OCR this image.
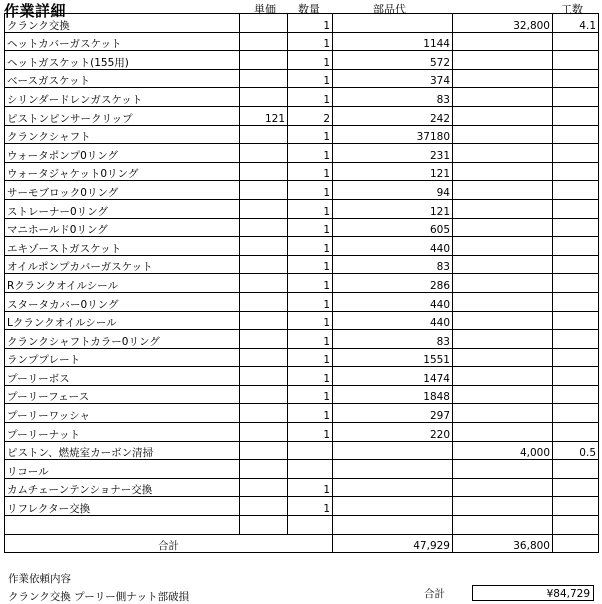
作業詳細	単価 数量	部品代	工数
クランク交換		1		32,800	4.1
ヘットカバーガスケット		1	1144		
ヘットガスケット(155用)		1	572		
ベースガスケット		1	374		
シリンダードレンガスケット		1	83		
ピストンピンサークリップ	121	2	242		
クランクシャフト		1	37180		
ウォータポンプ0リング		1	231		
ウォータジャケット0リング		1	121		
サーモブロック0リング		1	94		
ストレーナー0リング		1	121		
マニホールド0リング		1	605		
エキゾーストガスケット		1	440		
オイルポンプカバーガスケット		1	83		
Rクランクオイルシール		1	286		
スタータカバー0リング		1	440		
Lクランクオイルシール		1	440		
クランクシャフトカラー0リング		1	83		
ランププレート		1	1551		
プーリーボス		1	1474		
プーリーフェース		1	1848		
プーリーワッシャ		1	297		
プーリーナット		1	220		
ピストン、燃焼室カーボン清掃				4,000	0.5
リコール					
カムチェーンテンショナー交換		1			
リフレクター交換		1			

合計			47,929	36,800	
作業依頼内容
クランク交換 プーリー側ナット部破損	合計	¥84,729
